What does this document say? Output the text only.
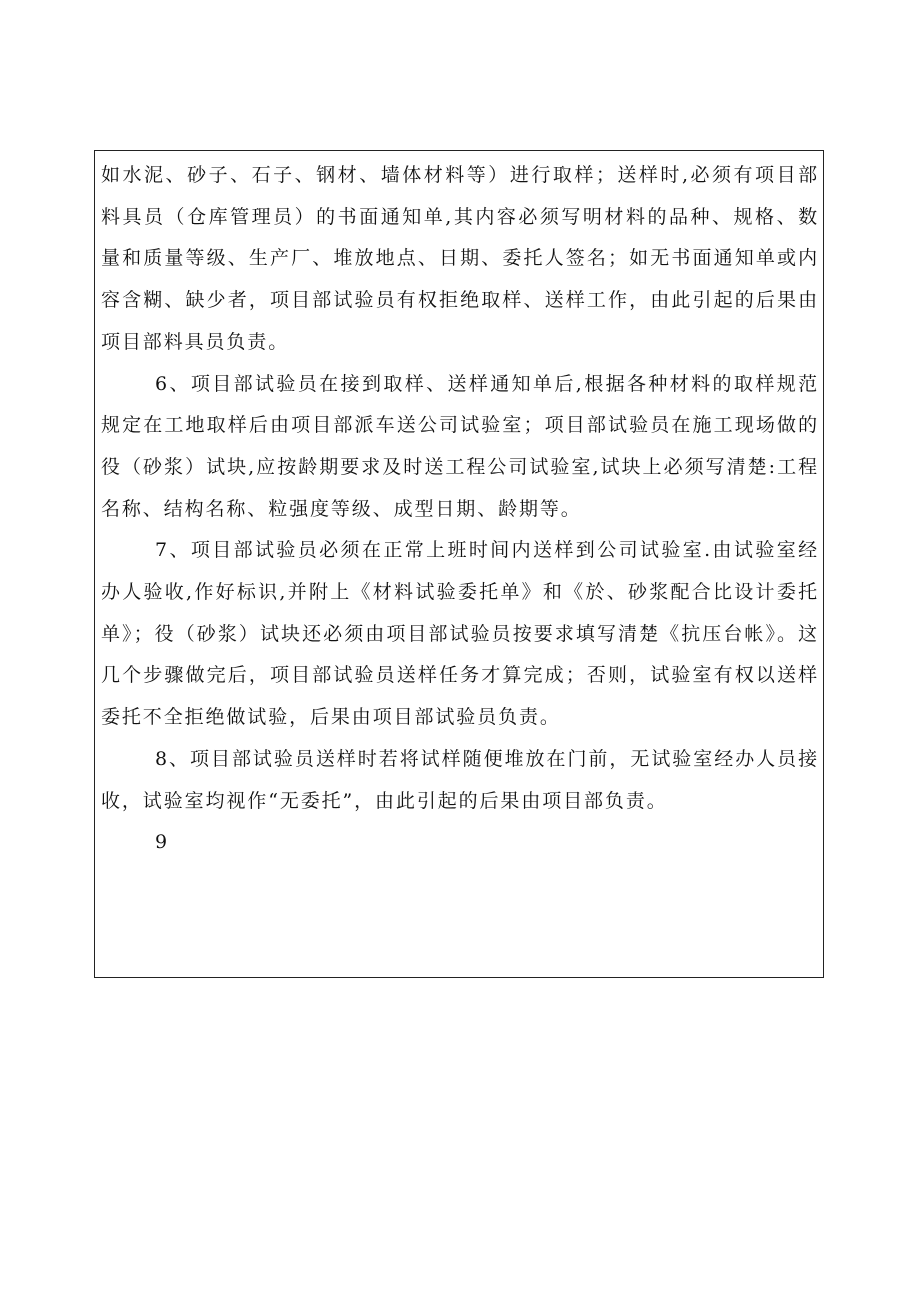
如水泥、砂子、石子、钢材、墙体材料等）进行取样；送样时,必须有项目部料具员（仓库管理员）的书面通知单,其内容必须写明材料的品种、规格、数量和质量等级、生产厂、堆放地点、日期、委托人签名；如无书面通知单或内容含糊、缺少者，项目部试验员有权拒绝取样、送样工作，由此引起的后果由项目部料具员负责。

6、项目部试验员在接到取样、送样通知单后,根据各种材料的取样规范规定在工地取样后由项目部派车送公司试验室；项目部试验员在施工现场做的役（砂浆）试块,应按龄期要求及时送工程公司试验室,试块上必须写清楚:工程名称、结构名称、粒强度等级、成型日期、龄期等。

7、项目部试验员必须在正常上班时间内送样到公司试验室.由试验室经办人验收,作好标识,并附上《材料试验委托单》和《於、砂浆配合比设计委托单》；役（砂浆）试块还必须由项目部试验员按要求填写清楚《抗压台帐》。这几个步骤做完后，项目部试验员送样任务才算完成；否则，试验室有权以送样委托不全拒绝做试验，后果由项目部试验员负责。

8、项目部试验员送样时若将试样随便堆放在门前，无试验室经办人员接收，试验室均视作“无委托”，由此引起的后果由项目部负责。

9
